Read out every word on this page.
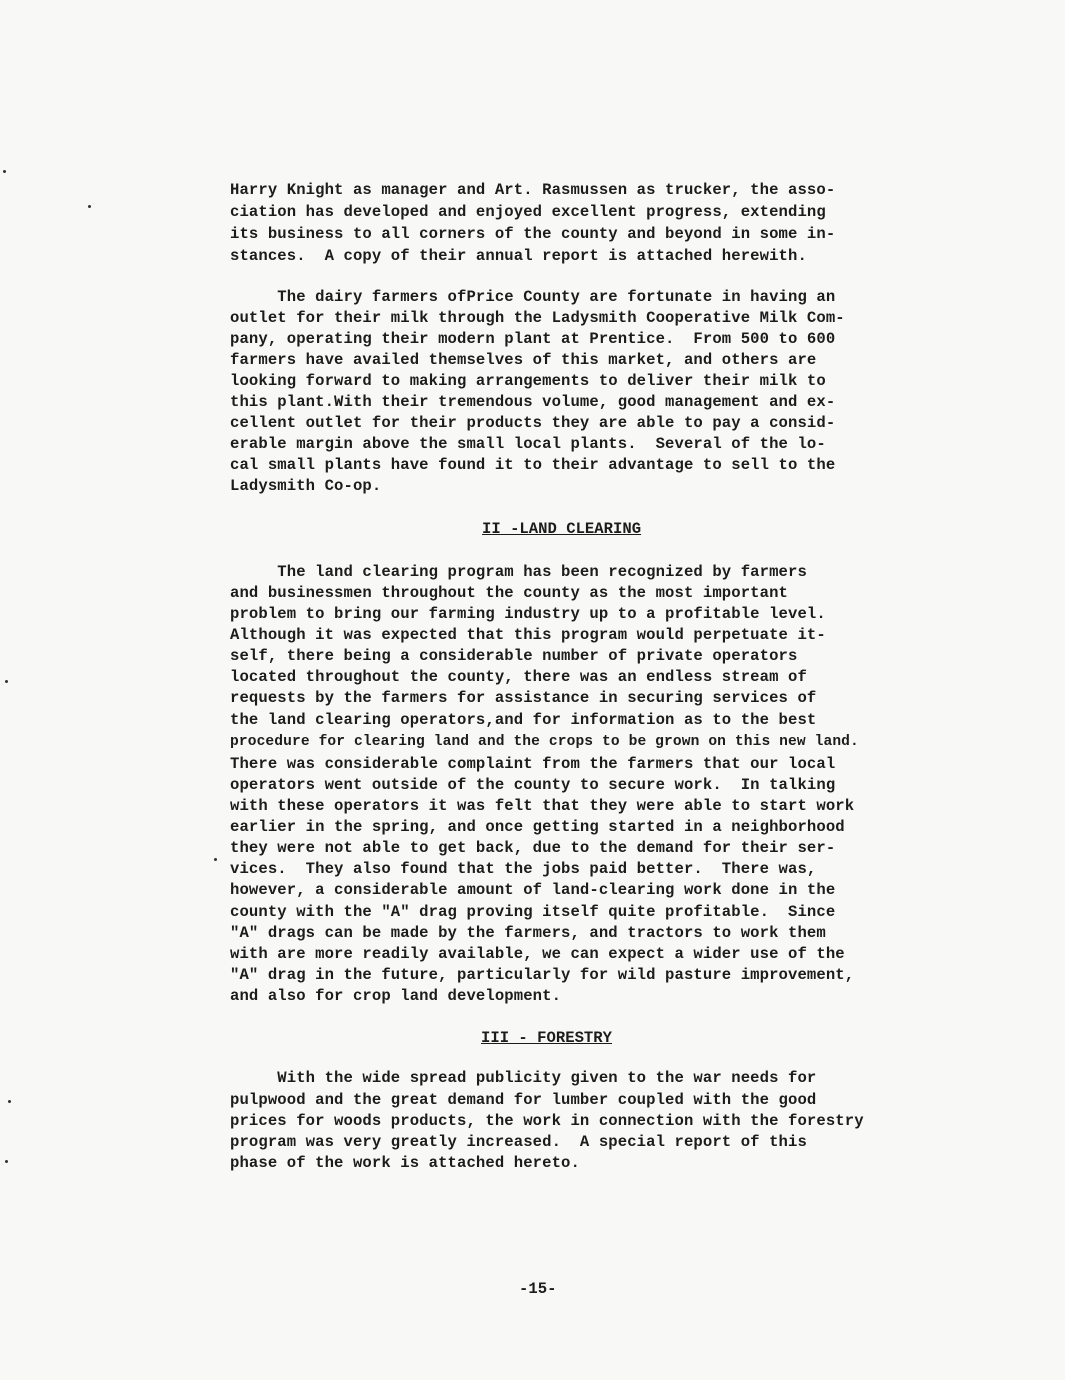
Harry Knight as manager and Art. Rasmussen as trucker, the asso-
ciation has developed and enjoyed excellent progress, extending
its business to all corners of the county and beyond in some in-
stances.  A copy of their annual report is attached herewith.
The dairy farmers ofPrice County are fortunate in having an
outlet for their milk through the Ladysmith Cooperative Milk Com-
pany, operating their modern plant at Prentice.  From 500 to 600
farmers have availed themselves of this market, and others are
looking forward to making arrangements to deliver their milk to
this plant.With their tremendous volume, good management and ex-
cellent outlet for their products they are able to pay a consid-
erable margin above the small local plants.  Several of the lo-
cal small plants have found it to their advantage to sell to the
Ladysmith Co-op.
II -LAND CLEARING
The land clearing program has been recognized by farmers
and businessmen throughout the county as the most important
problem to bring our farming industry up to a profitable level.
Although it was expected that this program would perpetuate it-
self, there being a considerable number of private operators
located throughout the county, there was an endless stream of
requests by the farmers for assistance in securing services of
the land clearing operators,and for information as to the best
procedure for clearing land and the crops to be grown on this new land.
There was considerable complaint from the farmers that our local
operators went outside of the county to secure work.  In talking
with these operators it was felt that they were able to start work
earlier in the spring, and once getting started in a neighborhood
they were not able to get back, due to the demand for their ser-
vices.  They also found that the jobs paid better.  There was,
however, a considerable amount of land-clearing work done in the
county with the "A" drag proving itself quite profitable.  Since
"A" drags can be made by the farmers, and tractors to work them
with are more readily available, we can expect a wider use of the
"A" drag in the future, particularly for wild pasture improvement,
and also for crop land development.
III - FORESTRY
With the wide spread publicity given to the war needs for
pulpwood and the great demand for lumber coupled with the good
prices for woods products, the work in connection with the forestry
program was very greatly increased.  A special report of this
phase of the work is attached hereto.
-15-
